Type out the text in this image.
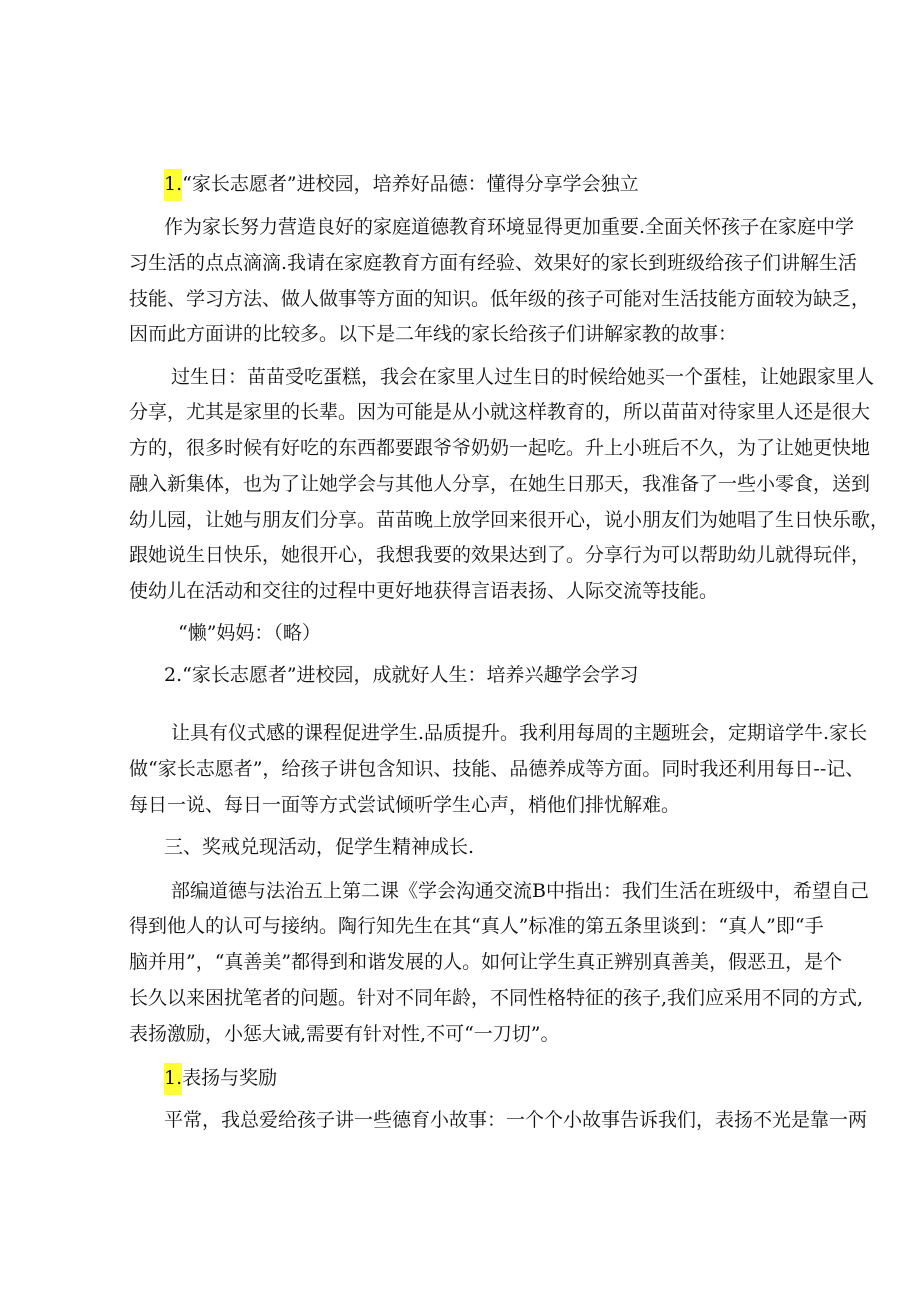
1.“家长志愿者”进校园，培养好品德：懂得分享学会独立
作为家长努力营造良好的家庭道德教育环境显得更加重要.全面关怀孩子在家庭中学
习生活的点点滴滴.我请在家庭教育方面有经验、效果好的家长到班级给孩子们讲解生活
技能、学习方法、做人做事等方面的知识。低年级的孩子可能对生活技能方面较为缺乏，
因而此方面讲的比较多。以下是二年线的家长给孩子们讲解家教的故事：
过生日：苗苗受吃蛋糕，我会在家里人过生日的时候给她买一个蛋桂，让她跟家里人
分享，尤其是家里的长辈。因为可能是从小就这样教育的，所以苗苗对待家里人还是很大
方的，很多时候有好吃的东西都要跟爷爷奶奶一起吃。升上小班后不久，为了让她更快地
融入新集体，也为了让她学会与其他人分享，在她生日那天，我准备了一些小零食，送到
幼儿园，让她与朋友们分享。苗苗晚上放学回来很开心，说小朋友们为她唱了生日快乐歌，
跟她说生日快乐，她很开心，我想我要的效果达到了。分享行为可以帮助幼儿就得玩伴，
使幼儿在活动和交往的过程中更好地获得言语表扬、人际交流等技能。
“懒”妈妈：（略）
2.“家长志愿者”进校园，成就好人生：培养兴趣学会学习
让具有仪式感的课程促进学生.品质提升。我利用每周的主题班会，定期谙学牛.家长
做“家长志愿者”，给孩子讲包含知识、技能、品德养成等方面。同时我还利用每日--记、
每日一说、每日一面等方式尝试倾听学生心声，梢他们排忧解难。
三、奖戒兑现活动，促学生精神成长.
部编道德与法治五上第二课《学会沟通交流B中指出：我们生活在班级中，希望自己
得到他人的认可与接纳。陶行知先生在其“真人”标准的第五条里谈到：“真人”即“手
脑并用”，“真善美”都得到和谐发展的人。如何让学生真正辨别真善美，假恶丑，是个
长久以来困扰笔者的问题。针对不同年龄，不同性格特征的孩子,我们应采用不同的方式,
表扬激励，小惩大诫,需要有针对性,不可“一刀切”。
1.表扬与奖励
平常，我总爱给孩子讲一些德育小故事：一个个小故事告诉我们，表扬不光是靠一两
